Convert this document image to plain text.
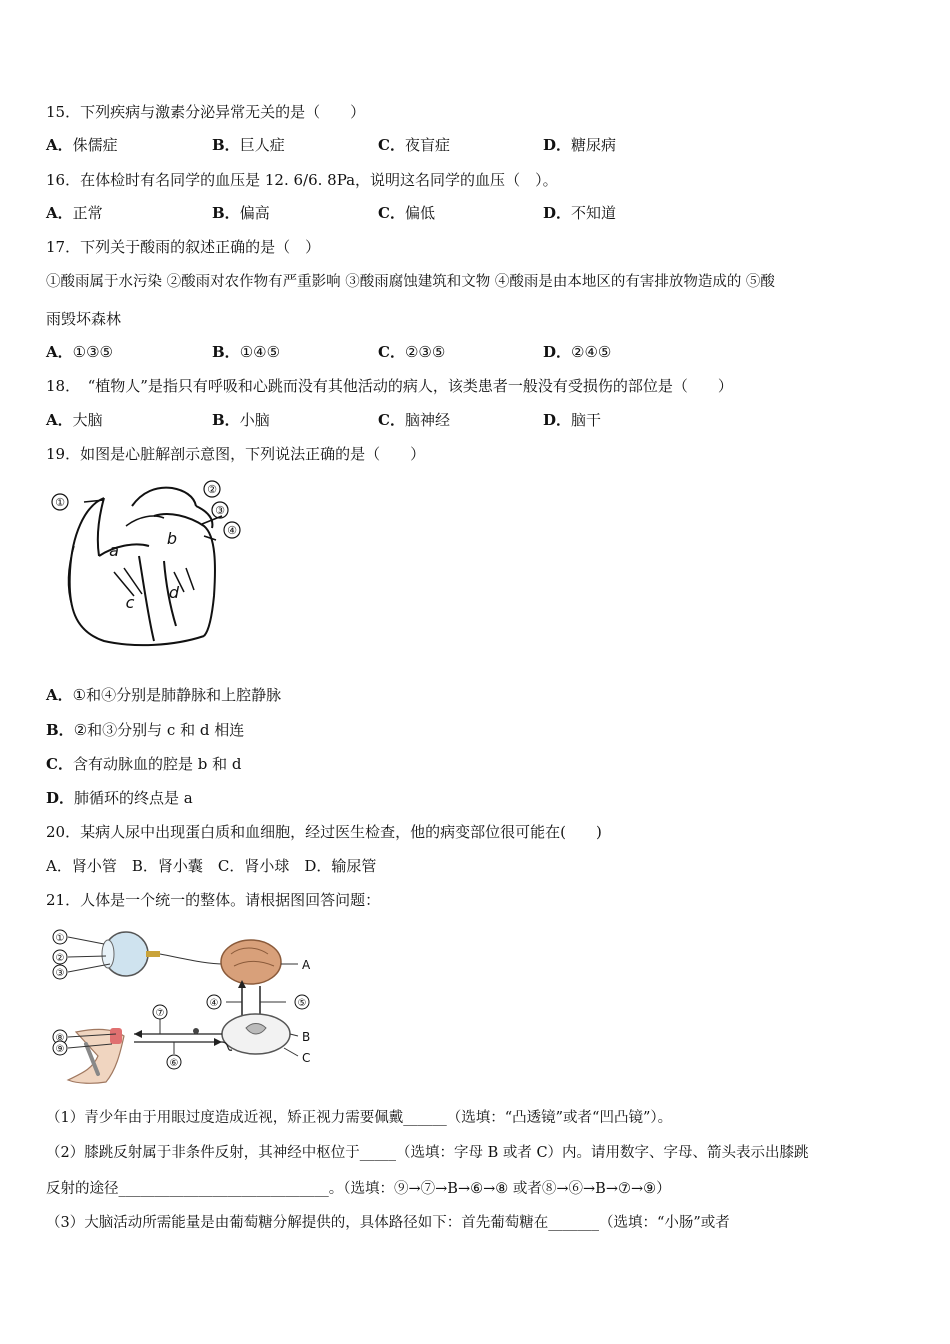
15．下列疾病与激素分泌异常无关的是（　　）
A．侏儒症	B．巨人症	C．夜盲症	D．糖尿病
16．在体检时有名同学的血压是 12. 6/6. 8Pa，说明这名同学的血压（　）。
A．正常	B．偏高	C．偏低	D．不知道
17．下列关于酸雨的叙述正确的是（　）
①酸雨属于水污染 ②酸雨对农作物有严重影响 ③酸雨腐蚀建筑和文物 ④酸雨是由本地区的有害排放物造成的 ⑤酸
雨毁坏森林
A．①③⑤	B．①④⑤	C．②③⑤	D．②④⑤
18．　“植物人”是指只有呼吸和心跳而没有其他活动的病人，该类患者一般没有受损伤的部位是（　　）
A．大脑	B．小脑	C．脑神经	D．脑干
19．如图是心脏解剖示意图，下列说法正确的是（　　）
①
②
③
④
a
b
c
d
A．①和④分别是肺静脉和上腔静脉
B．②和③分别与 c 和 d 相连
C．含有动脉血的腔是 b 和 d
D．肺循环的终点是 a
20．某病人尿中出现蛋白质和血细胞，经过医生检查，他的病变部位很可能在(　　)
A．肾小管　B．肾小囊　C．肾小球　D．输尿管
21．人体是一个统一的整体。请根据图回答问题：
①
②
③
④	⑤
⑥
⑦
⑧
⑨
A
B
C
（1）青少年由于用眼过度造成近视，矫正视力需要佩戴______（选填：“凸透镜”或者“凹凸镜”）。
（2）膝跳反射属于非条件反射，其神经中枢位于_____（选填：字母 B 或者 C）内。请用数字、字母、箭头表示出膝跳
反射的途径_____________________________。（选填：⑨→⑦→B→⑥→⑧ 或者⑧→⑥→B→⑦→⑨）
（3）大脑活动所需能量是由葡萄糖分解提供的，具体路径如下：首先葡萄糖在_______（选填：“小肠”或者
